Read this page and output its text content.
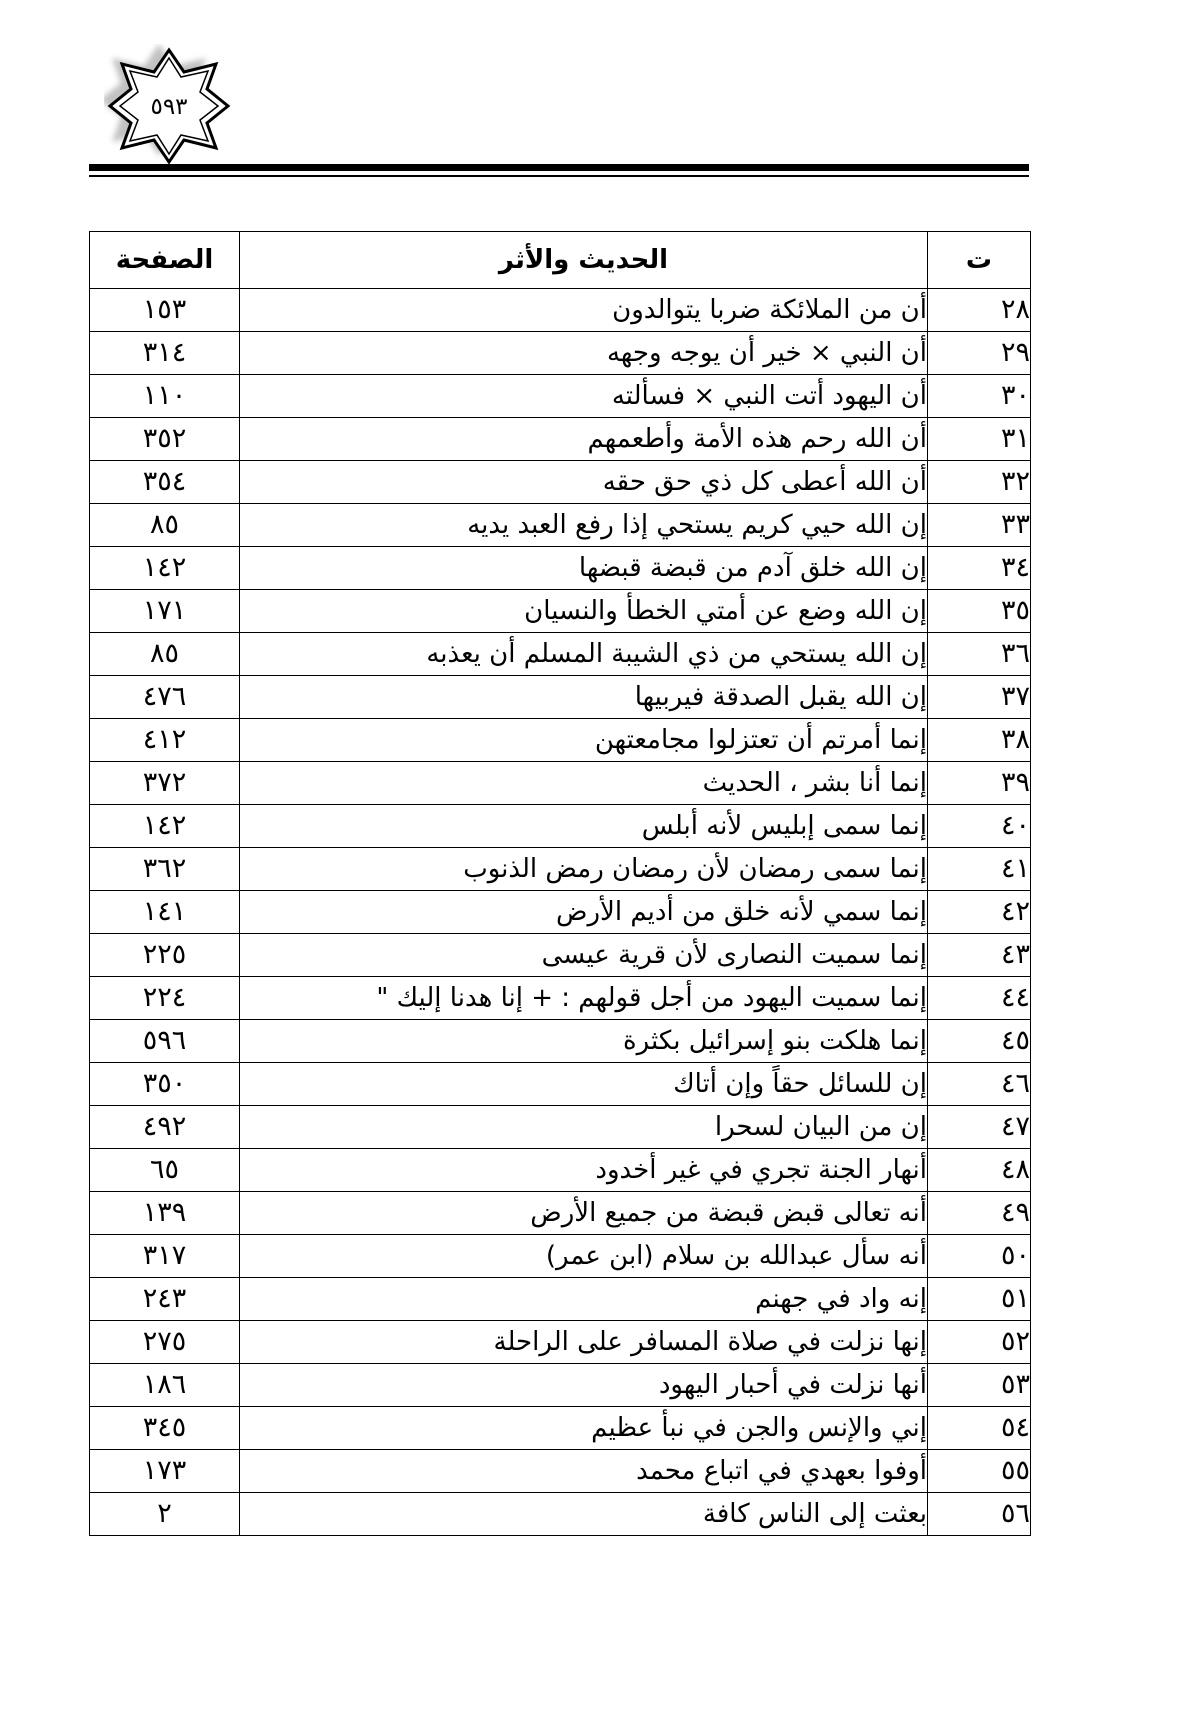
٥٩٣
الصفحة	الحديث والأثر	ت
١٥٣	أن من الملائكة ضربا يتوالدون	٢٨
٣١٤	أن النبي × خير أن يوجه وجهه	٢٩
١١٠	أن اليهود أتت النبي × فسألته	٣٠
٣٥٢	أن الله رحم هذه الأمة وأطعمهم	٣١
٣٥٤	أن الله أعطى كل ذي حق حقه	٣٢
٨٥	إن الله حيي كريم يستحي إذا رفع العبد يديه	٣٣
١٤٢	إن الله خلق آدم من قبضة قبضها	٣٤
١٧١	إن الله وضع عن أمتي الخطأ والنسيان	٣٥
٨٥	إن الله يستحي من ذي الشيبة المسلم أن يعذبه	٣٦
٤٧٦	إن الله يقبل الصدقة فيربيها	٣٧
٤١٢	إنما أمرتم أن تعتزلوا مجامعتهن	٣٨
٣٧٢	إنما أنا بشر ، الحديث	٣٩
١٤٢	إنما سمى إبليس لأنه أبلس	٤٠
٣٦٢	إنما سمى رمضان لأن رمضان رمض الذنوب	٤١
١٤١	إنما سمي لأنه خلق من أديم الأرض	٤٢
٢٢٥	إنما سميت النصارى لأن قرية عيسى	٤٣
٢٢٤	إنما سميت اليهود من أجل قولهم : + إنا هدنا إليك "	٤٤
٥٩٦	إنما هلكت بنو إسرائيل بكثرة	٤٥
٣٥٠	إن للسائل حقاً وإن أتاك	٤٦
٤٩٢	إن من البيان لسحرا	٤٧
٦٥	أنهار الجنة تجري في غير أخدود	٤٨
١٣٩	أنه تعالى قبض قبضة من جميع الأرض	٤٩
٣١٧	أنه سأل عبدالله بن سلام (ابن عمر)	٥٠
٢٤٣	إنه واد في جهنم	٥١
٢٧٥	إنها نزلت في صلاة المسافر على الراحلة	٥٢
١٨٦	أنها نزلت في أحبار اليهود	٥٣
٣٤٥	إني والإنس والجن في نبأ عظيم	٥٤
١٧٣	أوفوا بعهدي في اتباع محمد	٥٥
٢	بعثت إلى الناس كافة	٥٦
